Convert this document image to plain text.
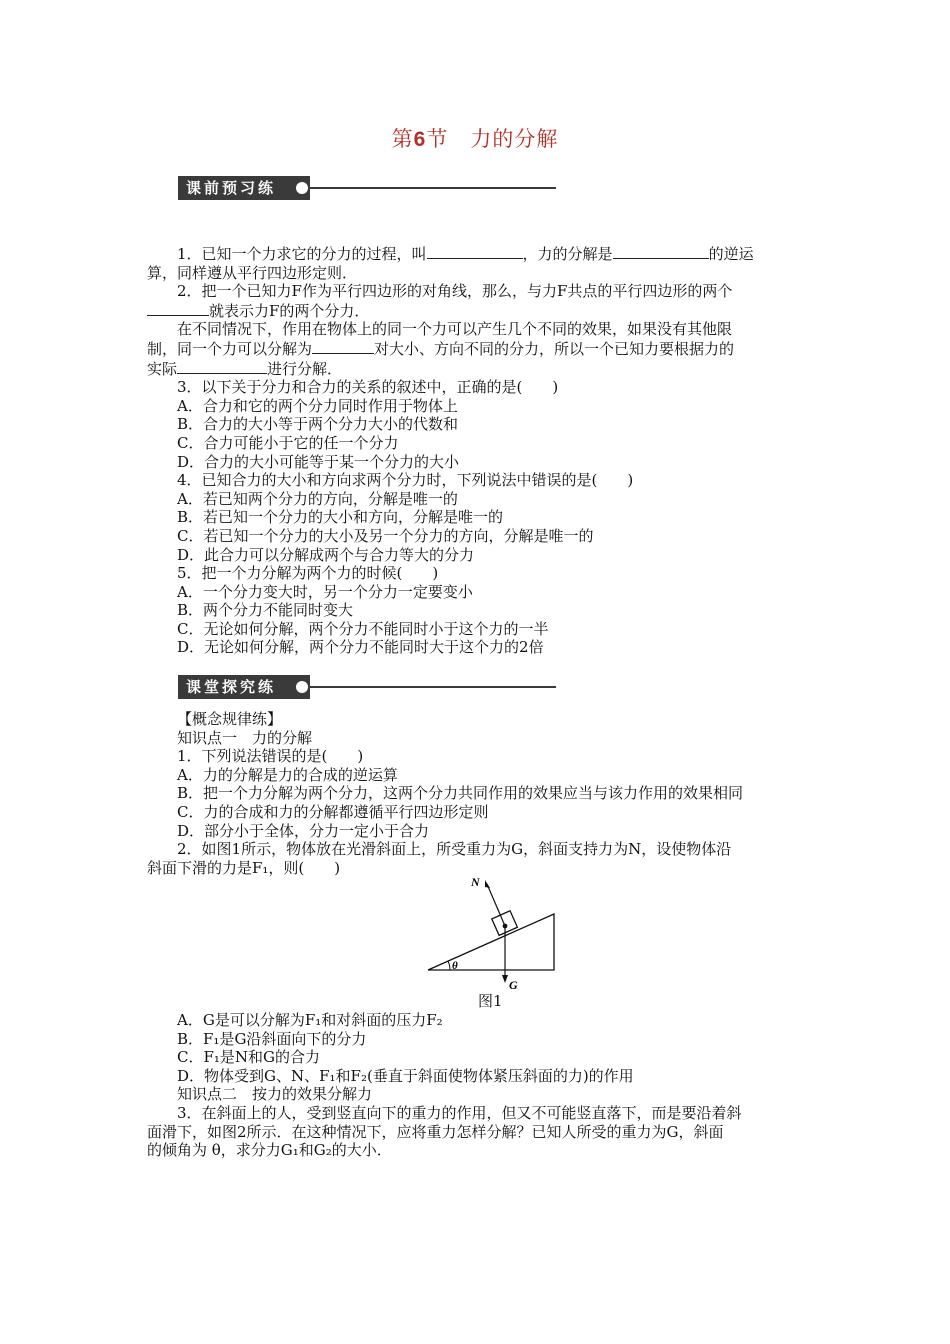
第6节　力的分解
课前预习练

1．已知一个力求它的分力的过程，叫	，力的分解是	的逆运

算，同样遵从平行四边形定则．

2．把一个已知力F作为平行四边形的对角线，那么，与力F共点的平行四边形的两个

就表示力F的两个分力．

在不同情况下，作用在物体上的同一个力可以产生几个不同的效果，如果没有其他限

制，同一个力可以分解为	对大小、方向不同的分力，所以一个已知力要根据力的

实际	进行分解．

3．以下关于分力和合力的关系的叙述中，正确的是(　　)

A．合力和它的两个分力同时作用于物体上

B．合力的大小等于两个分力大小的代数和

C．合力可能小于它的任一个分力

D．合力的大小可能等于某一个分力的大小

4．已知合力的大小和方向求两个分力时，下列说法中错误的是(　　)

A．若已知两个分力的方向，分解是唯一的

B．若已知一个分力的大小和方向，分解是唯一的

C．若已知一个分力的大小及另一个分力的方向，分解是唯一的

D．此合力可以分解成两个与合力等大的分力

5．把一个力分解为两个力的时候(　　)

A．一个分力变大时，另一个分力一定要变小

B．两个分力不能同时变大

C．无论如何分解，两个分力不能同时小于这个力的一半

D．无论如何分解，两个分力不能同时大于这个力的2倍

课堂探究练

【概念规律练】

知识点一　力的分解

1．下列说法错误的是(　　)

A．力的分解是力的合成的逆运算

B．把一个力分解为两个分力，这两个分力共同作用的效果应当与该力作用的效果相同

C．力的合成和力的分解都遵循平行四边形定则

D．部分小于全体，分力一定小于合力

2．如图1所示，物体放在光滑斜面上，所受重力为G，斜面支持力为N，设使物体沿

斜面下滑的力是F₁，则(　　)

N
G
θ
图1

A．G是可以分解为F₁和对斜面的压力F₂

B．F₁是G沿斜面向下的分力

C．F₁是N和G的合力

D．物体受到G、N、F₁和F₂(垂直于斜面使物体紧压斜面的力)的作用

知识点二　按力的效果分解力

3．在斜面上的人，受到竖直向下的重力的作用，但又不可能竖直落下，而是要沿着斜

面滑下，如图2所示．在这种情况下，应将重力怎样分解？已知人所受的重力为G，斜面

的倾角为 θ，求分力G₁和G₂的大小．
